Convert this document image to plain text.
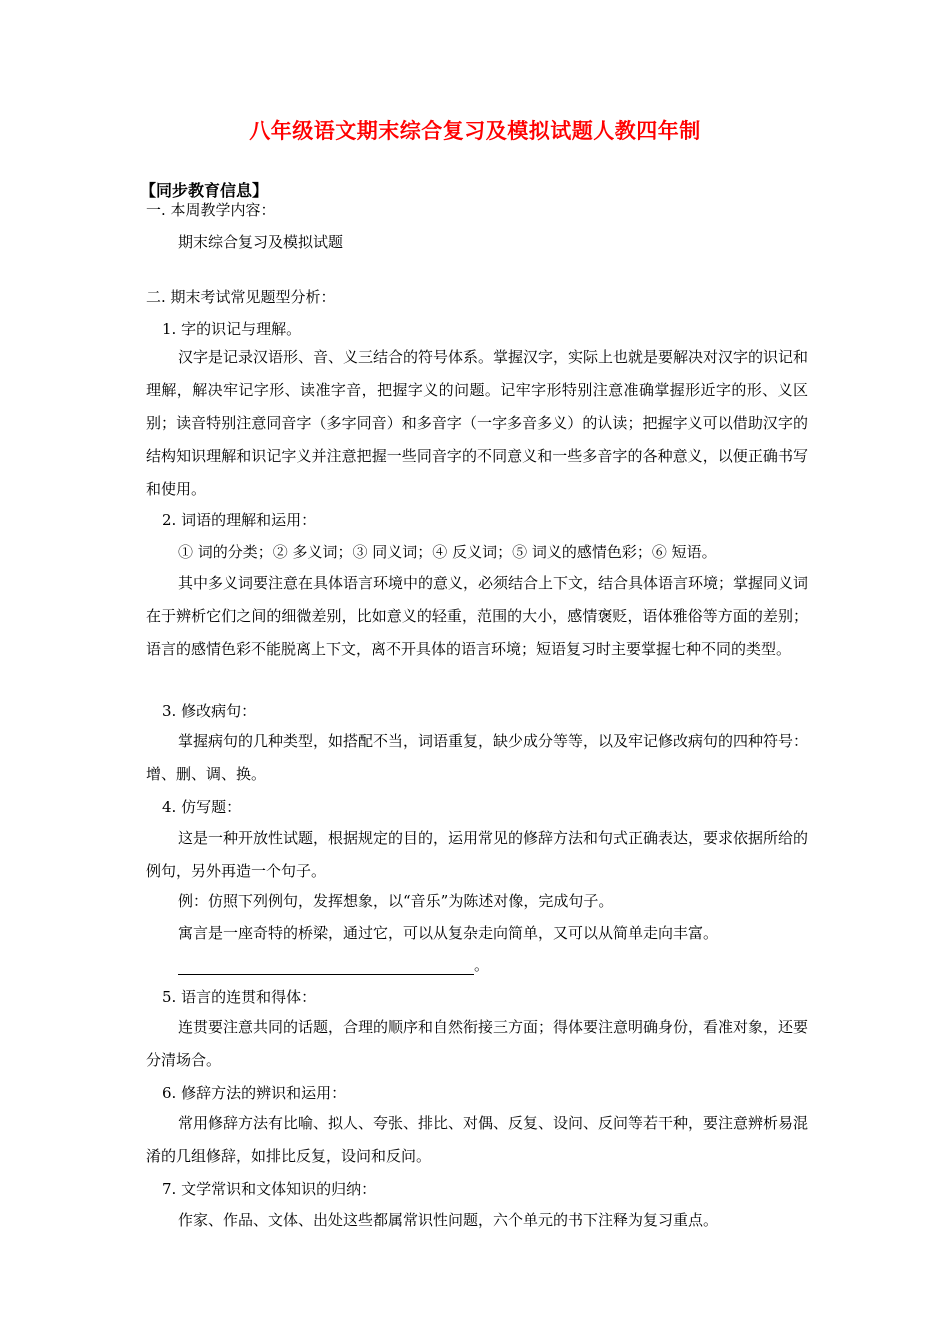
八年级语文期末综合复习及模拟试题人教四年制
【同步教育信息】
一. 本周教学内容：
期末综合复习及模拟试题
二. 期末考试常见题型分析：
1. 字的识记与理解。

汉字是记录汉语形、音、义三结合的符号体系。掌握汉字，实际上也就是要解决对汉字的识记和理解，解决牢记字形、读准字音，把握字义的问题。记牢字形特别注意准确掌握形近字的形、义区别；读音特别注意同音字（多字同音）和多音字（一字多音多义）的认读；把握字义可以借助汉字的结构知识理解和识记字义并注意把握一些同音字的不同意义和一些多音字的各种意义，以便正确书写和使用。

2. 词语的理解和运用：
① 词的分类；② 多义词；③ 同义词；④ 反义词；⑤ 词义的感情色彩；⑥ 短语。

其中多义词要注意在具体语言环境中的意义，必须结合上下文，结合具体语言环境；掌握同义词在于辨析它们之间的细微差别，比如意义的轻重，范围的大小，感情褒贬，语体雅俗等方面的差别；语言的感情色彩不能脱离上下文，离不开具体的语言环境；短语复习时主要掌握七种不同的类型。

3. 修改病句：

掌握病句的几种类型，如搭配不当，词语重复，缺少成分等等，以及牢记修改病句的四种符号：增、删、调、换。

4. 仿写题：

这是一种开放性试题，根据规定的目的，运用常见的修辞方法和句式正确表达，要求依据所给的例句，另外再造一个句子。

例：仿照下列例句，发挥想象，以“音乐”为陈述对像，完成句子。
寓言是一座奇特的桥梁，通过它，可以从复杂走向简单，又可以从简单走向丰富。
。
5. 语言的连贯和得体：

连贯要注意共同的话题，合理的顺序和自然衔接三方面；得体要注意明确身份，看准对象，还要分清场合。

6. 修辞方法的辨识和运用：

常用修辞方法有比喻、拟人、夸张、排比、对偶、反复、设问、反问等若干种，要注意辨析易混淆的几组修辞，如排比反复，设问和反问。

7. 文学常识和文体知识的归纳：
作家、作品、文体、出处这些都属常识性问题，六个单元的书下注释为复习重点。
